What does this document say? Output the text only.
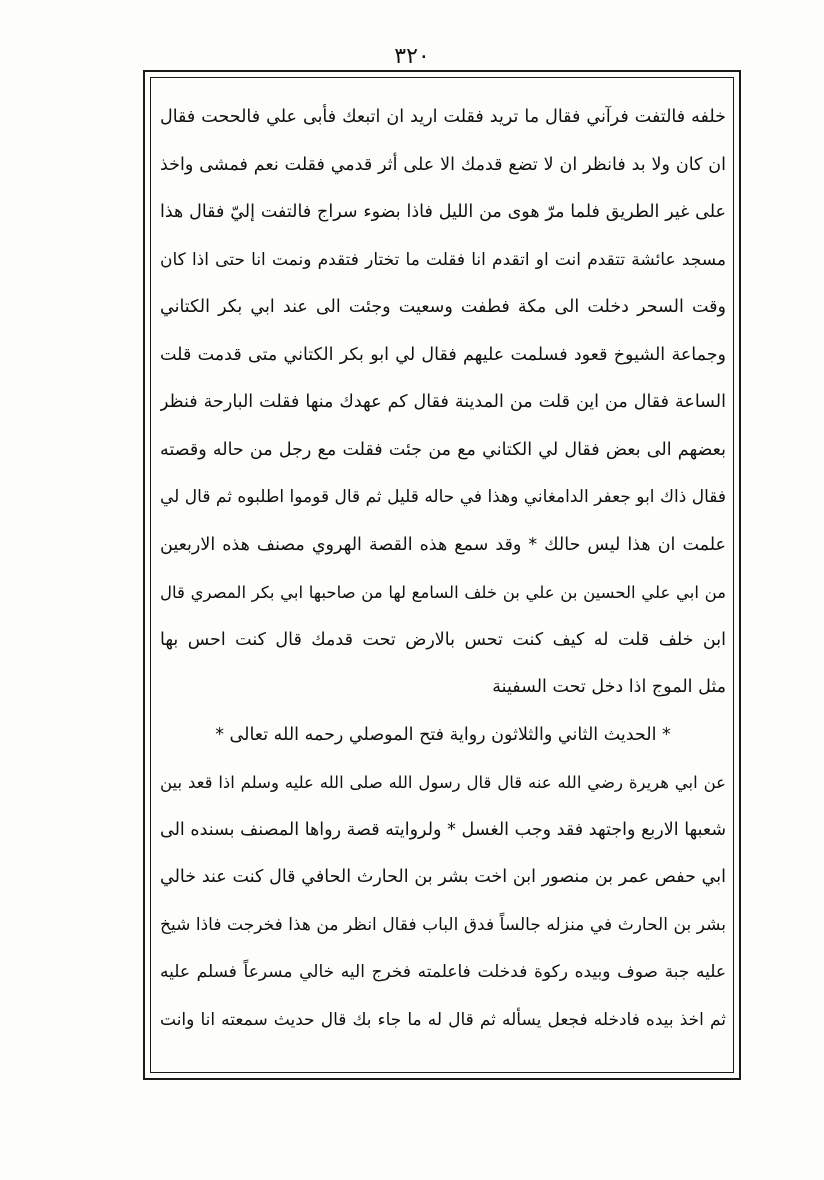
٣٢٠
خلفه فالتفت فرآني فقال ما تريد فقلت اريد ان اتبعك فأبى علي فالححت فقال
ان كان ولا بد فانظر ان لا تضع قدمك الا على أثر قدمي فقلت نعم فمشى واخذ
على غير الطريق فلما مرّ هوى من الليل فاذا بضوء سراج فالتفت إليّ فقال هذا
مسجد عائشة تتقدم انت او اتقدم انا فقلت ما تختار فتقدم ونمت انا حتى اذا كان
وقت السحر دخلت الى مكة فطفت وسعيت وجئت الى عند ابي بكر الكتاني
وجماعة الشيوخ قعود فسلمت عليهم فقال لي ابو بكر الكتاني متى قدمت قلت
الساعة فقال من اين قلت من المدينة فقال كم عهدك منها فقلت البارحة فنظر
بعضهم الى بعض فقال لي الكتاني مع من جئت فقلت مع رجل من حاله وقصته
فقال ذاك ابو جعفر الدامغاني وهذا في حاله قليل ثم قال قوموا اطلبوه ثم قال لي
علمت ان هذا ليس حالك * وقد سمع هذه القصة الهروي مصنف هذه الاربعين
من ابي علي الحسين بن علي بن خلف السامع لها من صاحبها ابي بكر المصري قال
ابن خلف قلت له كيف كنت تحس بالارض تحت قدمك قال كنت احس بها
مثل الموج اذا دخل تحت السفينة
* الحديث الثاني والثلاثون رواية فتح الموصلي رحمه الله تعالى *
عن ابي هريرة رضي الله عنه قال قال رسول الله صلى الله عليه وسلم اذا قعد بين
شعبها الاربع واجتهد فقد وجب الغسل * ولروايته قصة رواها المصنف بسنده الى
ابي حفص عمر بن منصور ابن اخت بشر بن الحارث الحافي قال كنت عند خالي
بشر بن الحارث في منزله جالساً فدق الباب فقال انظر من هذا فخرجت فاذا شيخ
عليه جبة صوف وبيده ركوة فدخلت فاعلمته فخرج اليه خالي مسرعاً فسلم عليه
ثم اخذ بيده فادخله فجعل يسأله ثم قال له ما جاء بك قال حديث سمعته انا وانت
